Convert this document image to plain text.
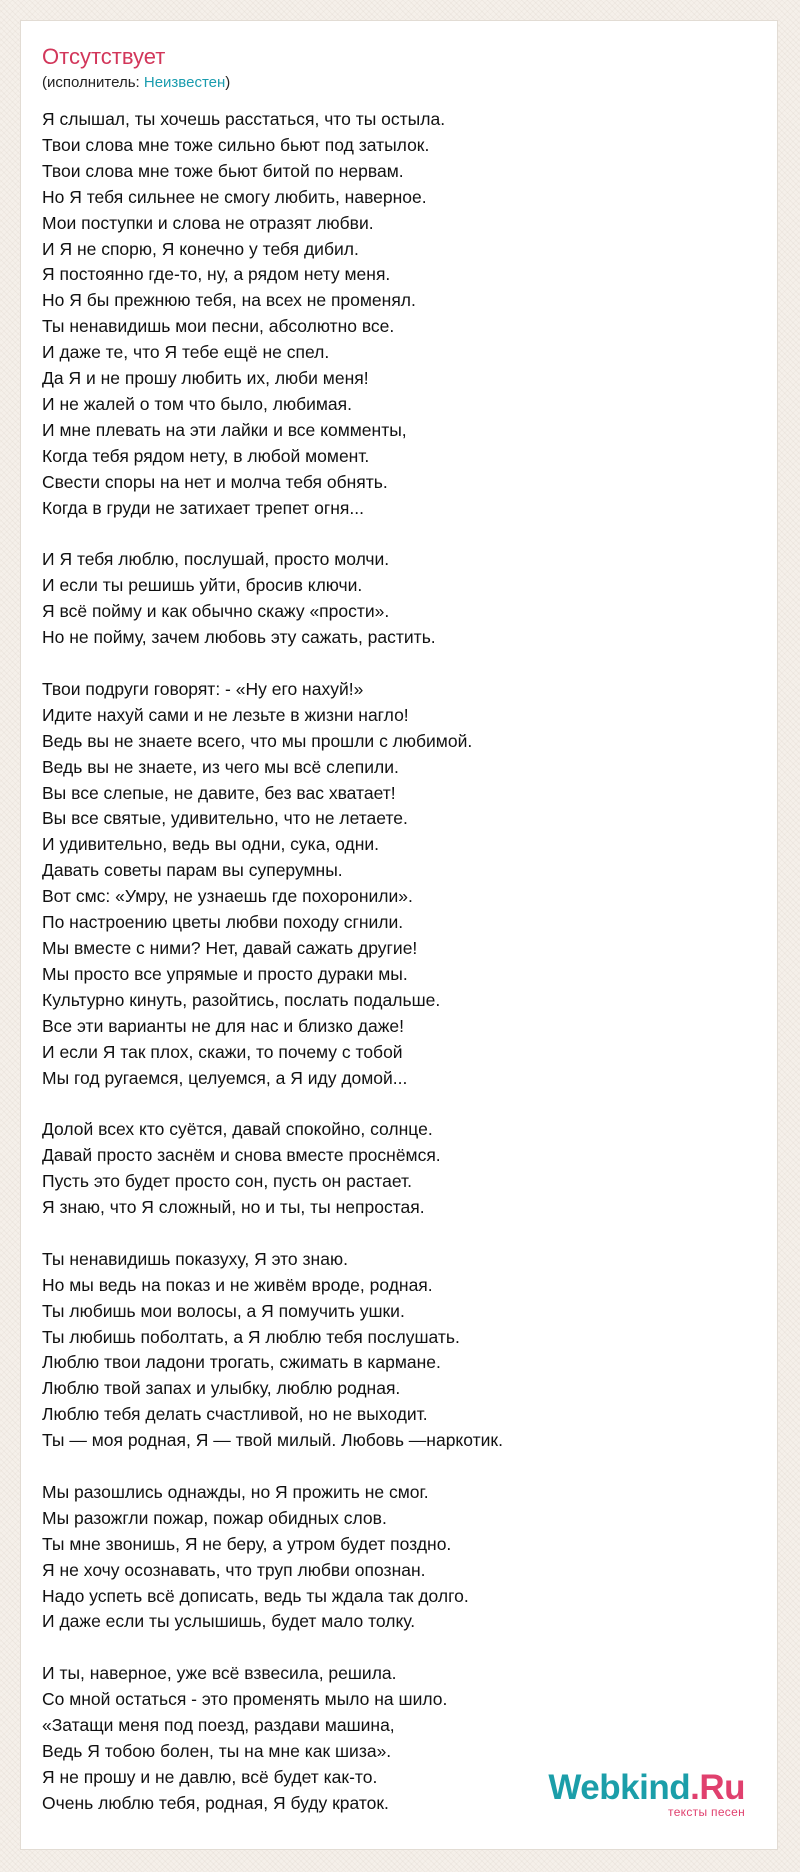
Отсутствует
(исполнитель: Неизвестен)
Я слышал, ты хочешь расстаться, что ты остыла.
Твои слова мне тоже сильно бьют под затылок.
Твои слова мне тоже бьют битой по нервам.
Но Я тебя сильнее не смогу любить, наверное.
Мои поступки и слова не отразят любви.
И Я не спорю, Я конечно у тебя дибил.
Я постоянно где-то, ну, а рядом нету меня.
Но Я бы прежнюю тебя, на всех не променял.
Ты ненавидишь мои песни, абсолютно все.
И даже те, что Я тебе ещё не спел.
Да Я и не прошу любить их, люби меня!
И не жалей о том что было, любимая.
И мне плевать на эти лайки и все комменты,
Когда тебя рядом нету, в любой момент.
Свести споры на нет и молча тебя обнять.
Когда в груди не затихает трепет огня...
И Я тебя люблю, послушай, просто молчи.
И если ты решишь уйти, бросив ключи.
Я всё пойму и как обычно скажу «прости».
Но не пойму, зачем любовь эту сажать, растить.
Твои подруги говорят: - «Ну его нахуй!»
Идите нахуй сами и не лезьте в жизни нагло!
Ведь вы не знаете всего, что мы прошли с любимой.
Ведь вы не знаете, из чего мы всё слепили.
Вы все слепые, не давите, без вас хватает!
Вы все святые, удивительно, что не летаете.
И удивительно, ведь вы одни, сука, одни.
Давать советы парам вы суперумны.
Вот смс: «Умру, не узнаешь где похоронили».
По настроению цветы любви походу сгнили.
Мы вместе с ними? Нет, давай сажать другие!
Мы просто все упрямые и просто дураки мы.
Культурно кинуть, разойтись, послать подальше.
Все эти варианты не для нас и близко даже!
И если Я так плох, скажи, то почему с тобой
Мы год ругаемся, целуемся, а Я иду домой...
Долой всех кто суётся, давай спокойно, солнце.
Давай просто заснём и снова вместе проснёмся.
Пусть это будет просто сон, пусть он растает.
Я знаю, что Я сложный, но и ты, ты непростая.
Ты ненавидишь показуху, Я это знаю.
Но мы ведь на показ и не живём вроде, родная.
Ты любишь мои волосы, а Я помучить ушки.
Ты любишь поболтать, а Я люблю тебя послушать.
Люблю твои ладони трогать, сжимать в кармане.
Люблю твой запах и улыбку, люблю родная.
Люблю тебя делать счастливой, но не выходит.
Ты — моя родная, Я — твой милый. Любовь —наркотик.
Мы разошлись однажды, но Я прожить не смог.
Мы разожгли пожар, пожар обидных слов.
Ты мне звонишь, Я не беру, а утром будет поздно.
Я не хочу осознавать, что труп любви опознан.
Надо успеть всё дописать, ведь ты ждала так долго.
И даже если ты услышишь, будет мало толку.
И ты, наверное, уже всё взвесила, решила.
Со мной остаться - это променять мыло на шило.
«Затащи меня под поезд, раздави машина,
Ведь Я тобою болен, ты на мне как шиза».
Я не прошу и не давлю, всё будет как-то.
Очень люблю тебя, родная, Я буду краток.	Webkind.Ru
тексты песен
